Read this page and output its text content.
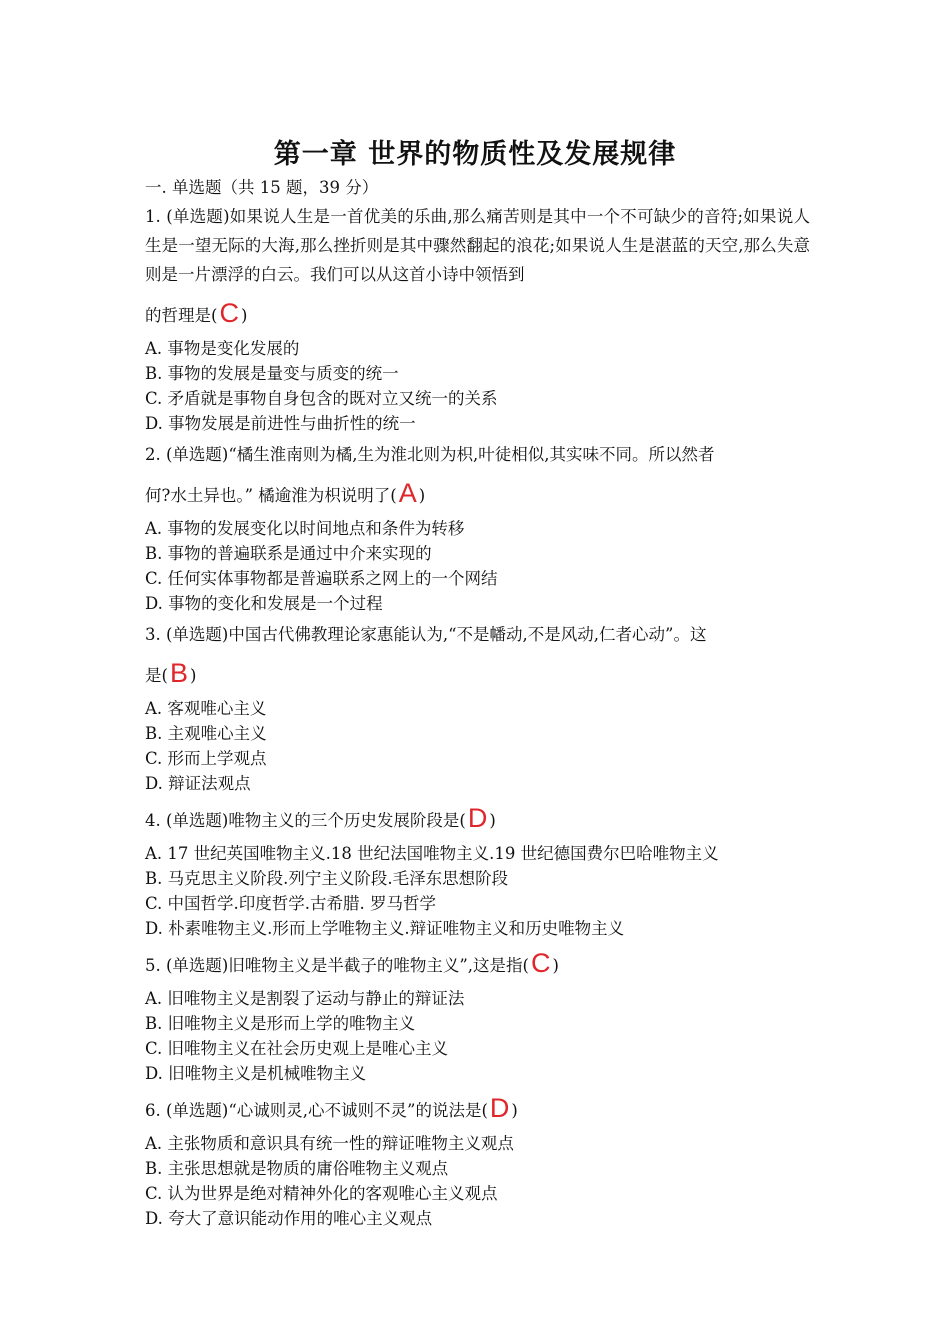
第一章 世界的物质性及发展规律
一. 单选题（共 15 题，39 分）
1. (单选题)如果说人生是一首优美的乐曲,那么痛苦则是其中一个不可缺少的音符;如果说人生是一望无际的大海,那么挫折则是其中骤然翻起的浪花;如果说人生是湛蓝的天空,那么失意则是一片漂浮的白云。我们可以从这首小诗中领悟到
的哲理是(C )
A. 事物是变化发展的
B. 事物的发展是量变与质变的统一
C. 矛盾就是事物自身包含的既对立又统一的关系
D. 事物发展是前进性与曲折性的统一
2. (单选题)“橘生淮南则为橘,生为淮北则为枳,叶徒相似,其实味不同。所以然者
何?水土异也。” 橘逾淮为枳说明了(A )
A. 事物的发展变化以时间地点和条件为转移
B. 事物的普遍联系是通过中介来实现的
C. 任何实体事物都是普遍联系之网上的一个网结
D. 事物的变化和发展是一个过程
3. (单选题)中国古代佛教理论家惠能认为,“不是幡动,不是风动,仁者心动”。这
是(B )
A. 客观唯心主义
B. 主观唯心主义
C. 形而上学观点
D. 辩证法观点
4. (单选题)唯物主义的三个历史发展阶段是(D )
A. 17 世纪英国唯物主义.18 世纪法国唯物主义.19 世纪德国费尔巴哈唯物主义
B. 马克思主义阶段.列宁主义阶段.毛泽东思想阶段
C. 中国哲学.印度哲学.古希腊. 罗马哲学
D. 朴素唯物主义.形而上学唯物主义.辩证唯物主义和历史唯物主义
5. (单选题)旧唯物主义是半截子的唯物主义”,这是指(C )
A. 旧唯物主义是割裂了运动与静止的辩证法
B. 旧唯物主义是形而上学的唯物主义
C. 旧唯物主义在社会历史观上是唯心主义
D. 旧唯物主义是机械唯物主义
6. (单选题)“心诚则灵,心不诚则不灵”的说法是(D )
A. 主张物质和意识具有统一性的辩证唯物主义观点
B. 主张思想就是物质的庸俗唯物主义观点
C. 认为世界是绝对精神外化的客观唯心主义观点
D. 夸大了意识能动作用的唯心主义观点
